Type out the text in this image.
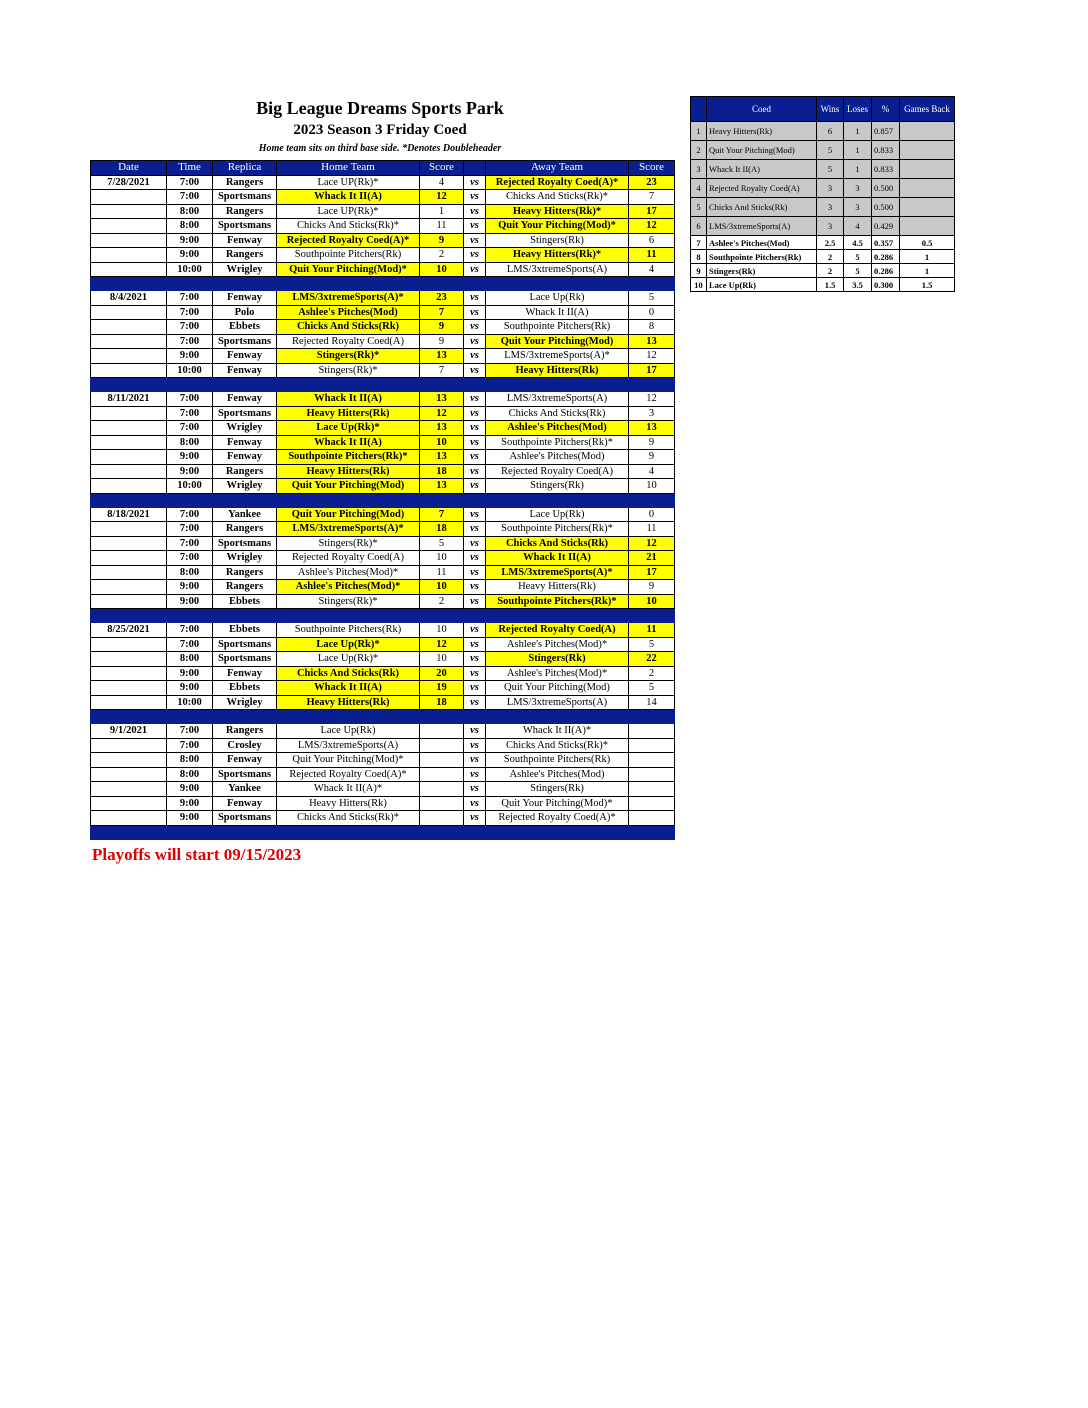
Big League Dreams Sports Park
2023 Season 3 Friday Coed
Home team sits on third base side. *Denotes Doubleheader
Date	Time	Replica	Home Team	Score		Away Team	Score
7/28/2021	7:00	Rangers	Lace UP(Rk)*	4	vs	Rejected Royalty Coed(A)*	23
	7:00	Sportsmans	Whack It II(A)	12	vs	Chicks And Sticks(Rk)*	7
	8:00	Rangers	Lace UP(Rk)*	1	vs	Heavy Hitters(Rk)*	17
	8:00	Sportsmans	Chicks And Sticks(Rk)*	11	vs	Quit Your Pitching(Mod)*	12
	9:00	Fenway	Rejected Royalty Coed(A)*	9	vs	Stingers(Rk)	6
	9:00	Rangers	Southpointe Pitchers(Rk)	2	vs	Heavy Hitters(Rk)*	11
	10:00	Wrigley	Quit Your Pitching(Mod)*	10	vs	LMS/3xtremeSports(A)	4

8/4/2021	7:00	Fenway	LMS/3xtremeSports(A)*	23	vs	Lace Up(Rk)	5
	7:00	Polo	Ashlee's Pitches(Mod)	7	vs	Whack It II(A)	0
	7:00	Ebbets	Chicks And Sticks(Rk)	9	vs	Southpointe Pitchers(Rk)	8
	7:00	Sportsmans	Rejected Royalty Coed(A)	9	vs	Quit Your Pitching(Mod)	13
	9:00	Fenway	Stingers(Rk)*	13	vs	LMS/3xtremeSports(A)*	12
	10:00	Fenway	Stingers(Rk)*	7	vs	Heavy Hitters(Rk)	17

8/11/2021	7:00	Fenway	Whack It II(A)	13	vs	LMS/3xtremeSports(A)	12
	7:00	Sportsmans	Heavy Hitters(Rk)	12	vs	Chicks And Sticks(Rk)	3
	7:00	Wrigley	Lace Up(Rk)*	13	vs	Ashlee's Pitches(Mod)	13
	8:00	Fenway	Whack It II(A)	10	vs	Southpointe Pitchers(Rk)*	9
	9:00	Fenway	Southpointe Pitchers(Rk)*	13	vs	Ashlee's Pitches(Mod)	9
	9:00	Rangers	Heavy Hitters(Rk)	18	vs	Rejected Royalty Coed(A)	4
	10:00	Wrigley	Quit Your Pitching(Mod)	13	vs	Stingers(Rk)	10

8/18/2021	7:00	Yankee	Quit Your Pitching(Mod)	7	vs	Lace Up(Rk)	0
	7:00	Rangers	LMS/3xtremeSports(A)*	18	vs	Southpointe Pitchers(Rk)*	11
	7:00	Sportsmans	Stingers(Rk)*	5	vs	Chicks And Sticks(Rk)	12
	7:00	Wrigley	Rejected Royalty Coed(A)	10	vs	Whack It II(A)	21
	8:00	Rangers	Ashlee's Pitches(Mod)*	11	vs	LMS/3xtremeSports(A)*	17
	9:00	Rangers	Ashlee's Pitches(Mod)*	10	vs	Heavy Hitters(Rk)	9
	9:00	Ebbets	Stingers(Rk)*	2	vs	Southpointe Pitchers(Rk)*	10

8/25/2021	7:00	Ebbets	Southpointe Pitchers(Rk)	10	vs	Rejected Royalty Coed(A)	11
	7:00	Sportsmans	Lace Up(Rk)*	12	vs	Ashlee's Pitches(Mod)*	5
	8:00	Sportsmans	Lace Up(Rk)*	10	vs	Stingers(Rk)	22
	9:00	Fenway	Chicks And Sticks(Rk)	20	vs	Ashlee's Pitches(Mod)*	2
	9:00	Ebbets	Whack It II(A)	19	vs	Quit Your Pitching(Mod)	5
	10:00	Wrigley	Heavy Hitters(Rk)	18	vs	LMS/3xtremeSports(A)	14

9/1/2021	7:00	Rangers	Lace Up(Rk)		vs	Whack It II(A)*	
	7:00	Crosley	LMS/3xtremeSports(A)		vs	Chicks And Sticks(Rk)*	
	8:00	Fenway	Quit Your Pitching(Mod)*		vs	Southpointe Pitchers(Rk)	
	8:00	Sportsmans	Rejected Royalty Coed(A)*		vs	Ashlee's Pitches(Mod)	
	9:00	Yankee	Whack It II(A)*		vs	Stingers(Rk)	
	9:00	Fenway	Heavy Hitters(Rk)		vs	Quit Your Pitching(Mod)*	
	9:00	Sportsmans	Chicks And Sticks(Rk)*		vs	Rejected Royalty Coed(A)*	

	Coed	Wins	Loses	%	Games Back
1	Heavy Hitters(Rk)	6	1	0.857	
2	Quit Your Pitching(Mod)	5	1	0.833	
3	Whack It II(A)	5	1	0.833	
4	Rejected Royalty Coed(A)	3	3	0.500	
5	Chicks And Sticks(Rk)	3	3	0.500	
6	LMS/3xtremeSports(A)	3	4	0.429	
7	Ashlee's Pitches(Mod)	2.5	4.5	0.357	0.5
8	Southpointe Pitchers(Rk)	2	5	0.286	1
9	Stingers(Rk)	2	5	0.286	1
10	Lace Up(Rk)	1.5	3.5	0.300	1.5
Playoffs will start 09/15/2023
